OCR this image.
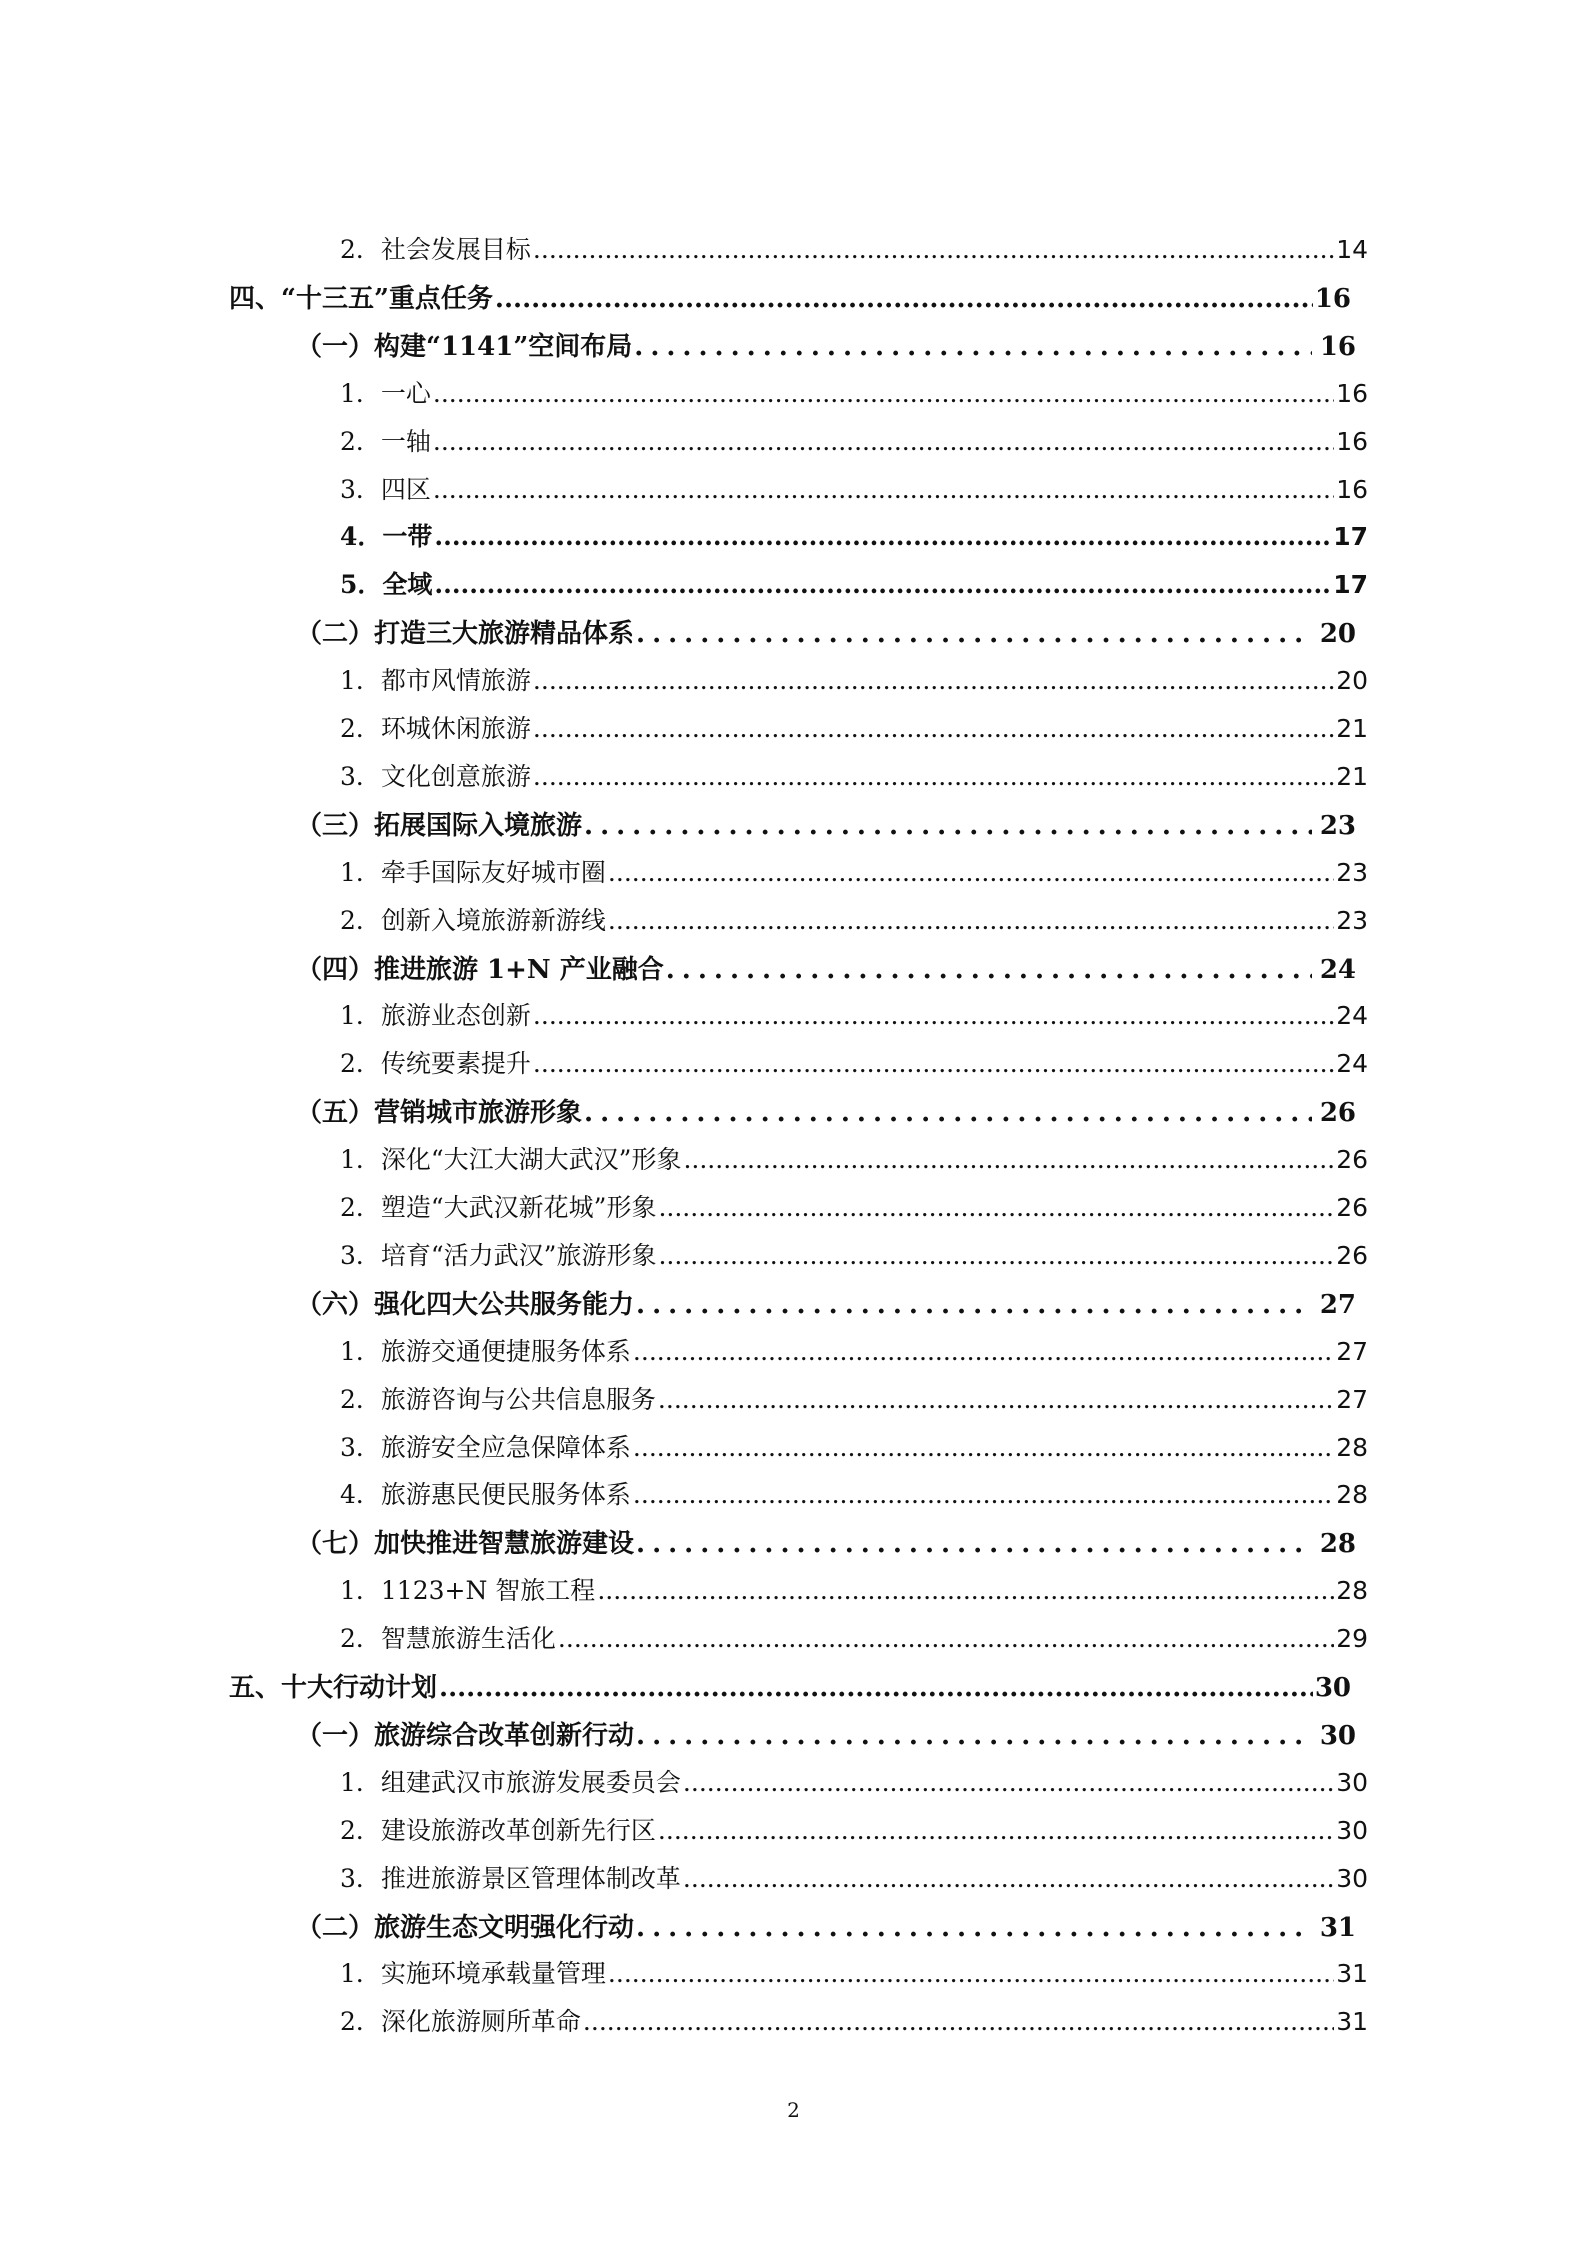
2．社会发展目标 .....	14
四、“十三五”重点任务 .....	16
（一）构建“1141”空间布局 .....	16
1．一心 .....	16
2．一轴 .....	16
3．四区 .....	16
4．一带 .....	17
5．全域 .....	17
（二）打造三大旅游精品体系 .....	20
1．都市风情旅游 .....	20
2．环城休闲旅游 .....	21
3．文化创意旅游 .....	21
（三）拓展国际入境旅游 .....	23
1．牵手国际友好城市圈 .....	23
2．创新入境旅游新游线 .....	23
（四）推进旅游 1+N 产业融合 .....	24
1．旅游业态创新 .....	24
2．传统要素提升 .....	24
（五）营销城市旅游形象 .....	26
1．深化“大江大湖大武汉”形象 .....	26
2．塑造“大武汉新花城”形象 .....	26
3．培育“活力武汉”旅游形象 .....	26
（六）强化四大公共服务能力 .....	27
1．旅游交通便捷服务体系 .....	27
2．旅游咨询与公共信息服务 .....	27
3．旅游安全应急保障体系 .....	28
4．旅游惠民便民服务体系 .....	28
（七）加快推进智慧旅游建设 .....	28
1．1123+N 智旅工程 .....	28
2．智慧旅游生活化 .....	29
五、十大行动计划 .....	30
（一）旅游综合改革创新行动 .....	30
1．组建武汉市旅游发展委员会 .....	30
2．建设旅游改革创新先行区 .....	30
3．推进旅游景区管理体制改革 .....	30
（二）旅游生态文明强化行动 .....	31
1．实施环境承载量管理 .....	31
2．深化旅游厕所革命 .....	31
2
